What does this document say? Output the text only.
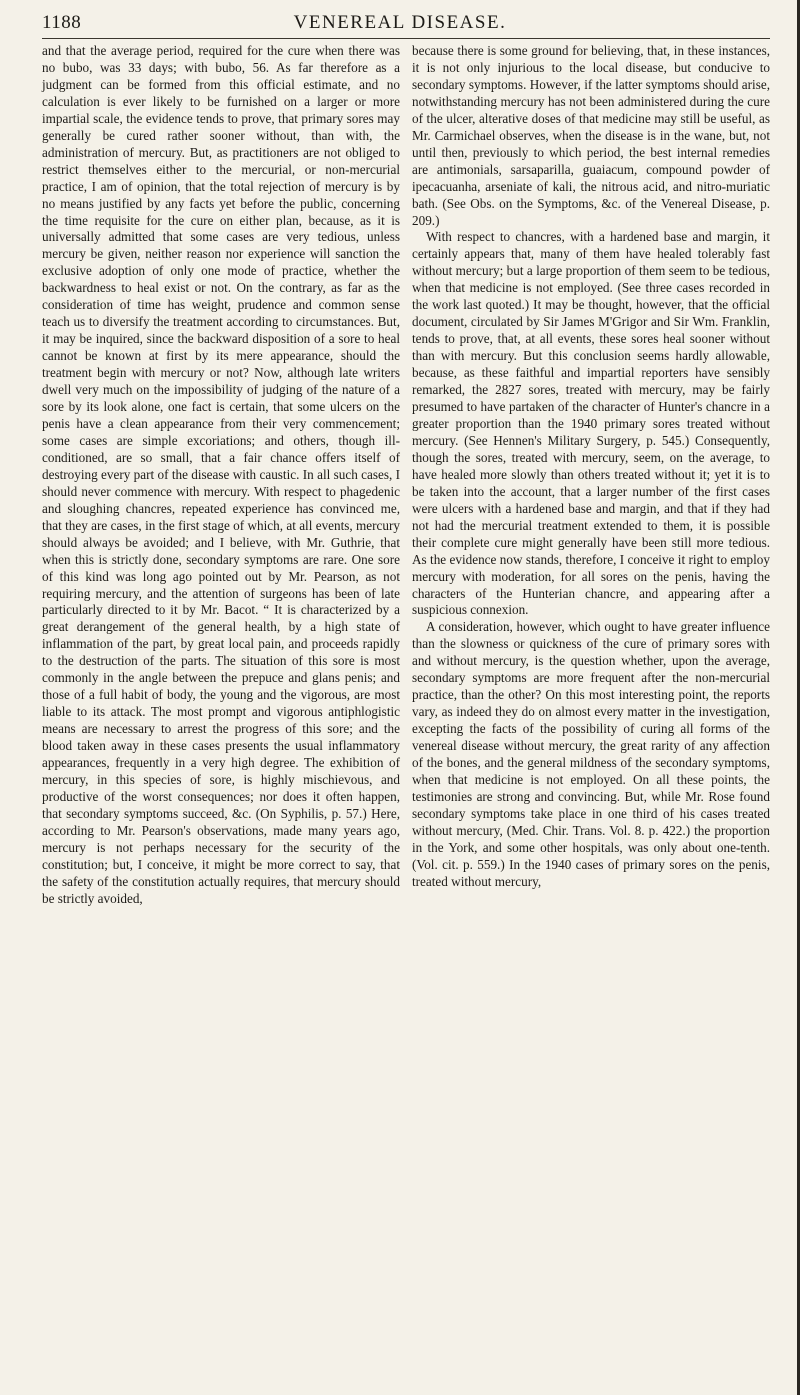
1188	VENEREAL DISEASE.

and that the average period, required for the cure when there was no bubo, was 33 days; with bubo, 56. As far therefore as a judgment can be formed from this official estimate, and no calculation is ever likely to be furnished on a larger or more impartial scale, the evidence tends to prove, that primary sores may generally be cured rather sooner without, than with, the administration of mercury. But, as practitioners are not obliged to restrict themselves either to the mercurial, or non-mercurial practice, I am of opinion, that the total rejection of mercury is by no means justified by any facts yet before the public, concerning the time requisite for the cure on either plan, because, as it is universally admitted that some cases are very tedious, unless mercury be given, neither reason nor experience will sanction the exclusive adoption of only one mode of practice, whether the backwardness to heal exist or not. On the contrary, as far as the consideration of time has weight, prudence and common sense teach us to diversify the treatment according to circumstances. But, it may be inquired, since the backward disposition of a sore to heal cannot be known at first by its mere appearance, should the treatment begin with mercury or not? Now, although late writers dwell very much on the impossibility of judging of the nature of a sore by its look alone, one fact is certain, that some ulcers on the penis have a clean appearance from their very commencement; some cases are simple excoriations; and others, though ill-conditioned, are so small, that a fair chance offers itself of destroying every part of the disease with caustic. In all such cases, I should never commence with mercury. With respect to phagedenic and sloughing chancres, repeated experience has convinced me, that they are cases, in the first stage of which, at all events, mercury should always be avoided; and I believe, with Mr. Guthrie, that when this is strictly done, secondary symptoms are rare. One sore of this kind was long ago pointed out by Mr. Pearson, as not requiring mercury, and the attention of surgeons has been of late particularly directed to it by Mr. Bacot. “ It is characterized by a great derangement of the general health, by a high state of inflammation of the part, by great local pain, and proceeds rapidly to the destruction of the parts. The situation of this sore is most commonly in the angle between the prepuce and glans penis; and those of a full habit of body, the young and the vigorous, are most liable to its attack. The most prompt and vigorous antiphlogistic means are necessary to arrest the progress of this sore; and the blood taken away in these cases presents the usual inflammatory appearances, frequently in a very high degree. The exhibition of mercury, in this species of sore, is highly mischievous, and productive of the worst consequences; nor does it often happen, that secondary symptoms succeed, &c. (On Syphilis, p. 57.) Here, according to Mr. Pearson's observations, made many years ago, mercury is not perhaps necessary for the security of the constitution; but, I conceive, it might be more correct to say, that the safety of the constitution actually requires, that mercury should be strictly avoided,

because there is some ground for believing, that, in these instances, it is not only injurious to the local disease, but conducive to secondary symptoms. However, if the latter symptoms should arise, notwithstanding mercury has not been administered during the cure of the ulcer, alterative doses of that medicine may still be useful, as Mr. Carmichael observes, when the disease is in the wane, but, not until then, previously to which period, the best internal remedies are antimonials, sarsaparilla, guaiacum, compound powder of ipecacuanha, arseniate of kali, the nitrous acid, and nitro-muriatic bath. (See Obs. on the Symptoms, &c. of the Venereal Disease, p. 209.)

With respect to chancres, with a hardened base and margin, it certainly appears that, many of them have healed tolerably fast without mercury; but a large proportion of them seem to be tedious, when that medicine is not employed. (See three cases recorded in the work last quoted.) It may be thought, however, that the official document, circulated by Sir James M'Grigor and Sir Wm. Franklin, tends to prove, that, at all events, these sores heal sooner without than with mercury. But this conclusion seems hardly allowable, because, as these faithful and impartial reporters have sensibly remarked, the 2827 sores, treated with mercury, may be fairly presumed to have partaken of the character of Hunter's chancre in a greater proportion than the 1940 primary sores treated without mercury. (See Hennen's Military Surgery, p. 545.) Consequently, though the sores, treated with mercury, seem, on the average, to have healed more slowly than others treated without it; yet it is to be taken into the account, that a larger number of the first cases were ulcers with a hardened base and margin, and that if they had not had the mercurial treatment extended to them, it is possible their complete cure might generally have been still more tedious. As the evidence now stands, therefore, I conceive it right to employ mercury with moderation, for all sores on the penis, having the characters of the Hunterian chancre, and appearing after a suspicious connexion.

A consideration, however, which ought to have greater influence than the slowness or quickness of the cure of primary sores with and without mercury, is the question whether, upon the average, secondary symptoms are more frequent after the non-mercurial practice, than the other? On this most interesting point, the reports vary, as indeed they do on almost every matter in the investigation, excepting the facts of the possibility of curing all forms of the venereal disease without mercury, the great rarity of any affection of the bones, and the general mildness of the secondary symptoms, when that medicine is not employed. On all these points, the testimonies are strong and convincing. But, while Mr. Rose found secondary symptoms take place in one third of his cases treated without mercury, (Med. Chir. Trans. Vol. 8. p. 422.) the proportion in the York, and some other hospitals, was only about one-tenth. (Vol. cit. p. 559.) In the 1940 cases of primary sores on the penis, treated without mercury,
